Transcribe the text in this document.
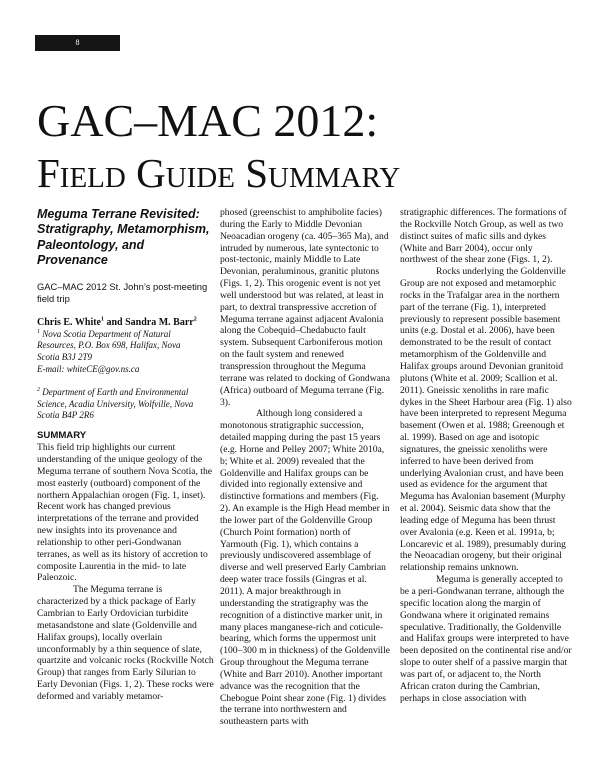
8
GAC–MAC 2012:
Field Guide Summary
Meguma Terrane Revisited: Stratigraphy, Metamorphism, Paleontology, and Provenance
GAC–MAC 2012 St. John’s post-meeting field trip
Chris E. White$^1$ and Sandra M. Barr$^2$
$^1$ Nova Scotia Department of Natural
Resources, P.O. Box 698, Halifax, Nova
Scotia B3J 2T9
E-mail: whiteCE@gov.ns.ca
$^2$ Department of Earth and Environmental
Science, Acadia University, Wolfville, Nova
Scotia B4P 2R6
SUMMARY

This field trip highlights our current understanding of the unique geology of the Meguma terrane of southern Nova Scotia, the most easterly (outboard) component of the northern Appalachian orogen (Fig. 1, inset). Recent work has changed previous interpretations of the terrane and provided new insights into its provenance and relationship to other peri-Gondwanan terranes, as well as its history of accretion to composite Laurentia in the mid- to late Paleozoic.

The Meguma terrane is characterized by a thick package of Early Cambrian to Early Ordovician turbidite metasandstone and slate (Goldenville and Halifax groups), locally overlain unconformably by a thin sequence of slate, quartzite and volcanic rocks (Rockville Notch Group) that ranges from Early Silurian to Early Devonian (Figs. 1, 2). These rocks were deformed and variably metamor-

phosed (greenschist to amphibolite facies) during the Early to Middle Devonian Neoacadian orogeny (ca. 405–365 Ma), and intruded by numerous, late syntectonic to post-tectonic, mainly Middle to Late Devonian, peraluminous, granitic plutons (Figs. 1, 2). This orogenic event is not yet well understood but was related, at least in part, to dextral transpressive accretion of Meguma terrane against adjacent Avalonia along the Cobequid–Chedabucto fault system. Subsequent Carboniferous motion on the fault system and renewed transpression throughout the Meguma terrane was related to docking of Gondwana (Africa) outboard of Meguma terrane (Fig. 3).

Although long considered a monotonous stratigraphic succession, detailed mapping during the past 15 years (e.g. Horne and Pelley 2007; White 2010a, b; White et al. 2009) revealed that the Goldenville and Halifax groups can be divided into regionally extensive and distinctive formations and members (Fig. 2). An example is the High Head member in the lower part of the Goldenville Group (Church Point formation) north of Yarmouth (Fig. 1), which contains a previously undiscovered assemblage of diverse and well preserved Early Cambrian deep water trace fossils (Gingras et al. 2011). A major breakthrough in understanding the stratigraphy was the recognition of a distinctive marker unit, in many places manganese-rich and coticule-bearing, which forms the uppermost unit (100–300 m in thickness) of the Goldenville Group throughout the Meguma terrane (White and Barr 2010). Another important advance was the recognition that the Chebogue Point shear zone (Fig. 1) divides the terrane into northwestern and southeastern parts with

stratigraphic differences. The formations of the Rockville Notch Group, as well as two distinct suites of mafic sills and dykes (White and Barr 2004), occur only northwest of the shear zone (Figs. 1, 2).

Rocks underlying the Goldenville Group are not exposed and metamorphic rocks in the Trafalgar area in the northern part of the terrane (Fig. 1), interpreted previously to represent possible basement units (e.g. Dostal et al. 2006), have been demonstrated to be the result of contact metamorphism of the Goldenville and Halifax groups around Devonian granitoid plutons (White et al. 2009; Scallion et al. 2011). Gneissic xenoliths in rare mafic dykes in the Sheet Harbour area (Fig. 1) also have been interpreted to represent Meguma basement (Owen et al. 1988; Greenough et al. 1999). Based on age and isotopic signatures, the gneissic xenoliths were inferred to have been derived from underlying Avalonian crust, and have been used as evidence for the argument that Meguma has Avalonian basement (Murphy et al. 2004). Seismic data show that the leading edge of Meguma has been thrust over Avalonia (e.g. Keen et al. 1991a, b; Loncarevic et al. 1989), presumably during the Neoacadian orogeny, but their original relationship remains unknown.

Meguma is generally accepted to be a peri-Gondwanan terrane, although the specific location along the margin of Gondwana where it originated remains speculative. Traditionally, the Goldenville and Halifax groups were interpreted to have been deposited on the continental rise and/or slope to outer shelf of a passive margin that was part of, or adjacent to, the North African craton during the Cambrian, perhaps in close association with
